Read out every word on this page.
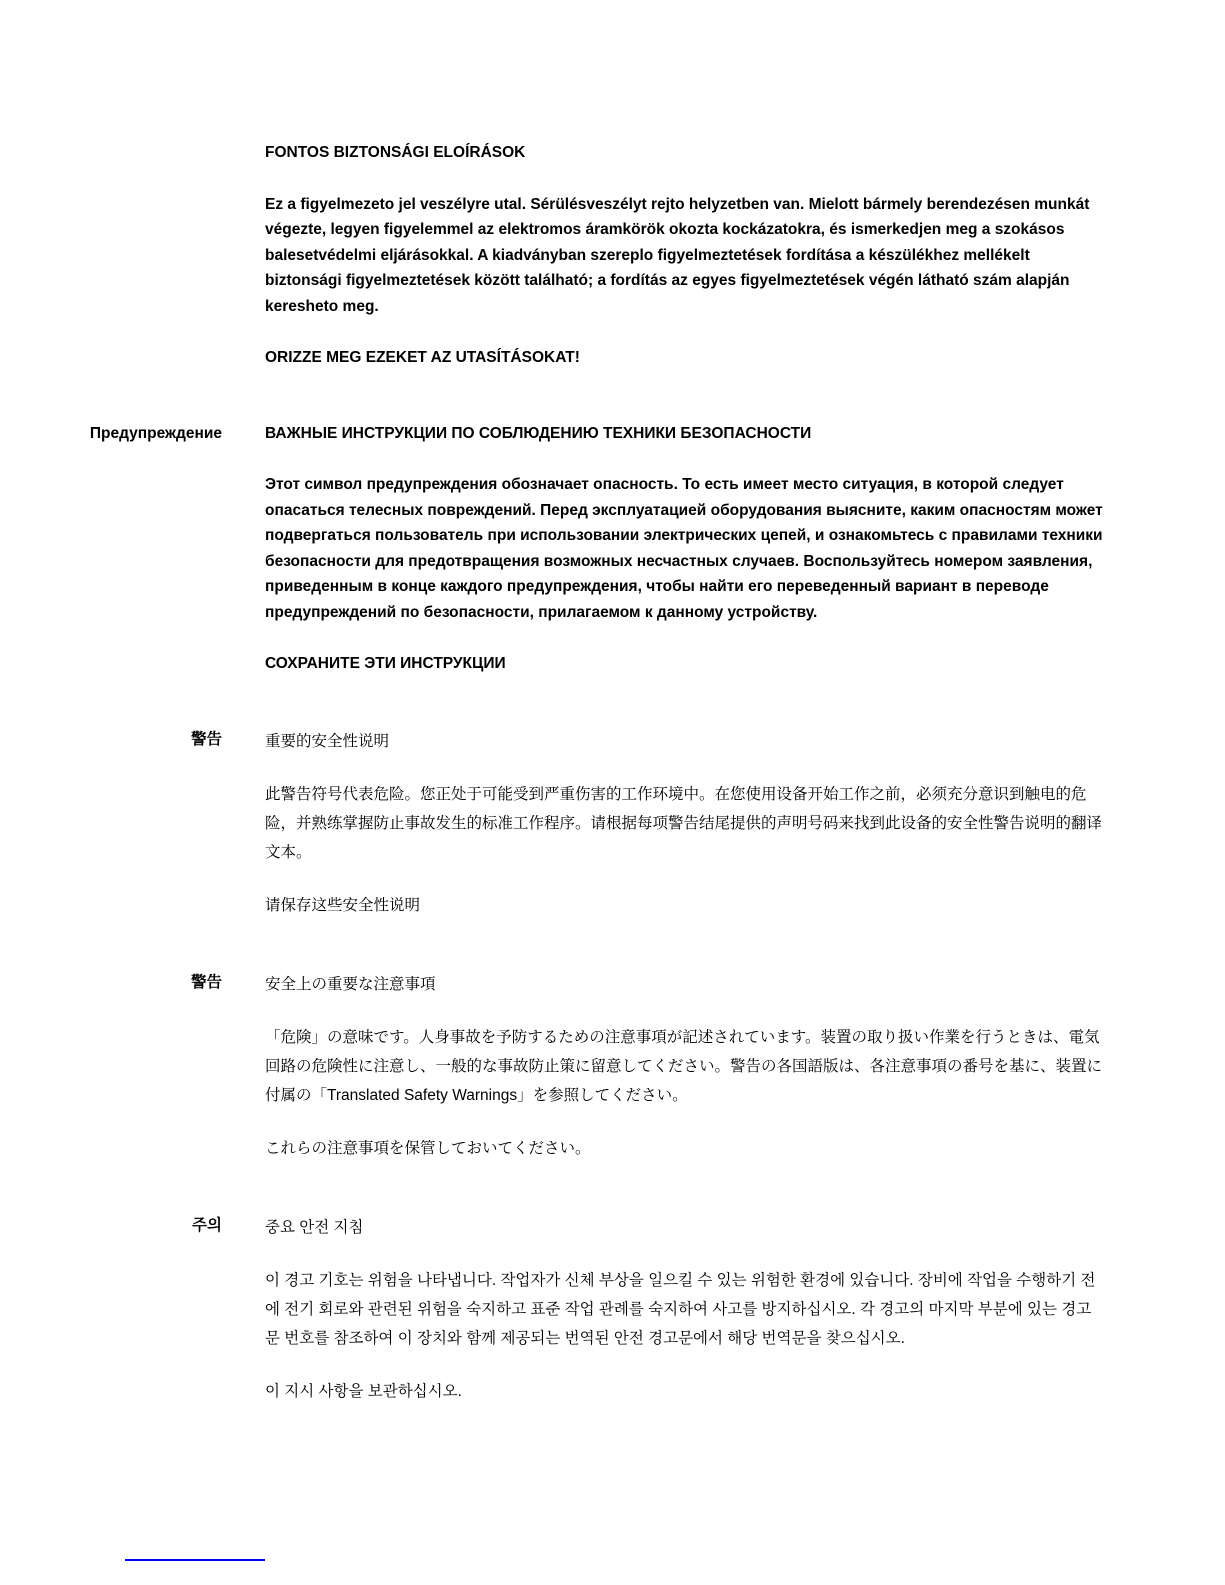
FONTOS BIZTONSÁGI ELOÍRÁSOK

Ez a figyelmezeto jel veszélyre utal. Sérülésveszélyt rejto helyzetben van. Mielott bármely berendezésen munkát végezte, legyen figyelemmel az elektromos áramkörök okozta kockázatokra, és ismerkedjen meg a szokásos balesetvédelmi eljárásokkal. A kiadványban szereplo figyelmeztetések fordítása a készülékhez mellékelt biztonsági figyelmeztetések között található; a fordítás az egyes figyelmeztetések végén látható szám alapján keresheto meg.

ORIZZE MEG EZEKET AZ UTASÍTÁSOKAT!

Предупреждение	ВАЖНЫЕ ИНСТРУКЦИИ ПО СОБЛЮДЕНИЮ ТЕХНИКИ БЕЗОПАСНОСТИ

Этот символ предупреждения обозначает опасность. То есть имеет место ситуация, в которой следует опасаться телесных повреждений. Перед эксплуатацией оборудования выясните, каким опасностям может подвергаться пользователь при использовании электрических цепей, и ознакомьтесь с правилами техники безопасности для предотвращения возможных несчастных случаев. Воспользуйтесь номером заявления, приведенным в конце каждого предупреждения, чтобы найти его переведенный вариант в переводе предупреждений по безопасности, прилагаемом к данному устройству.

СОХРАНИТЕ ЭТИ ИНСТРУКЦИИ

警告	重要的安全性说明

此警告符号代表危险。您正处于可能受到严重伤害的工作环境中。在您使用设备开始工作之前，必须充分意识到触电的危险，并熟练掌握防止事故发生的标准工作程序。请根据每项警告结尾提供的声明号码来找到此设备的安全性警告说明的翻译文本。

请保存这些安全性说明

警告	安全上の重要な注意事項

「危険」の意味です。人身事故を予防するための注意事項が記述されています。装置の取り扱い作業を行うときは、電気回路の危険性に注意し、一般的な事故防止策に留意してください。警告の各国語版は、各注意事項の番号を基に、装置に付属の「Translated Safety Warnings」を参照してください。

これらの注意事項を保管しておいてください。

주의	중요 안전 지침

이 경고 기호는 위험을 나타냅니다. 작업자가 신체 부상을 일으킬 수 있는 위험한 환경에 있습니다. 장비에 작업을 수행하기 전에 전기 회로와 관련된 위험을 숙지하고 표준 작업 관례를 숙지하여 사고를 방지하십시오. 각 경고의 마지막 부분에 있는 경고문 번호를 참조하여 이 장치와 함께 제공되는 번역된 안전 경고문에서 해당 번역문을 찾으십시오.

이 지시 사항을 보관하십시오.
